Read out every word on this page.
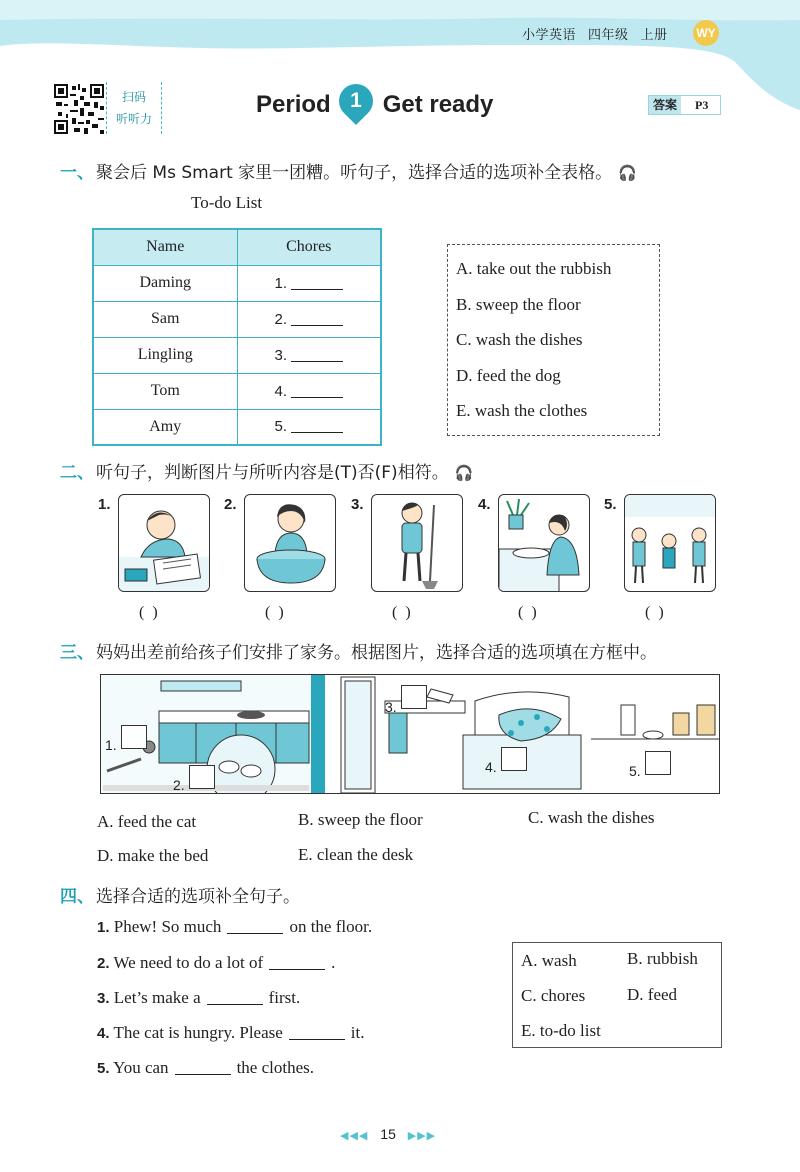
小学英语 四年级 上册	WY
扫码
听听力
Period 1 Get ready	答案	P3
一、 聚会后 Ms Smart 家里一团糟。听句子，选择合适的选项补全表格。 🎧
To-do List
Name	Chores
Daming	1.
Sam	2.
Lingling	3.
Tom	4.
Amy	5.
A. take out the rubbish
B. sweep the floor
C. wash the dishes
D. feed the dog
E. wash the clothes
二、 听句子，判断图片与所听内容是(T)否(F)相符。 🎧
1.	2.	3.	4.	5.
( )	( )	( )	( )	( )
三、 妈妈出差前给孩子们安排了家务。根据图片，选择合适的选项填在方框中。
1.
2.
3.
4.	5.
A. feed the cat	B. sweep the floor	C. wash the dishes
D. make the bed	E. clean the desk
四、 选择合适的选项补全句子。
1. Phew! So much	on the floor.
2. We need to do a lot of	.
3. Let’s make a	first.
4. The cat is hungry. Please	it.
5. You can	the clothes.
A. wash	B. rubbish
C. chores D. feed
E. to-do list
◀◀◀ 15 ▶▶▶
